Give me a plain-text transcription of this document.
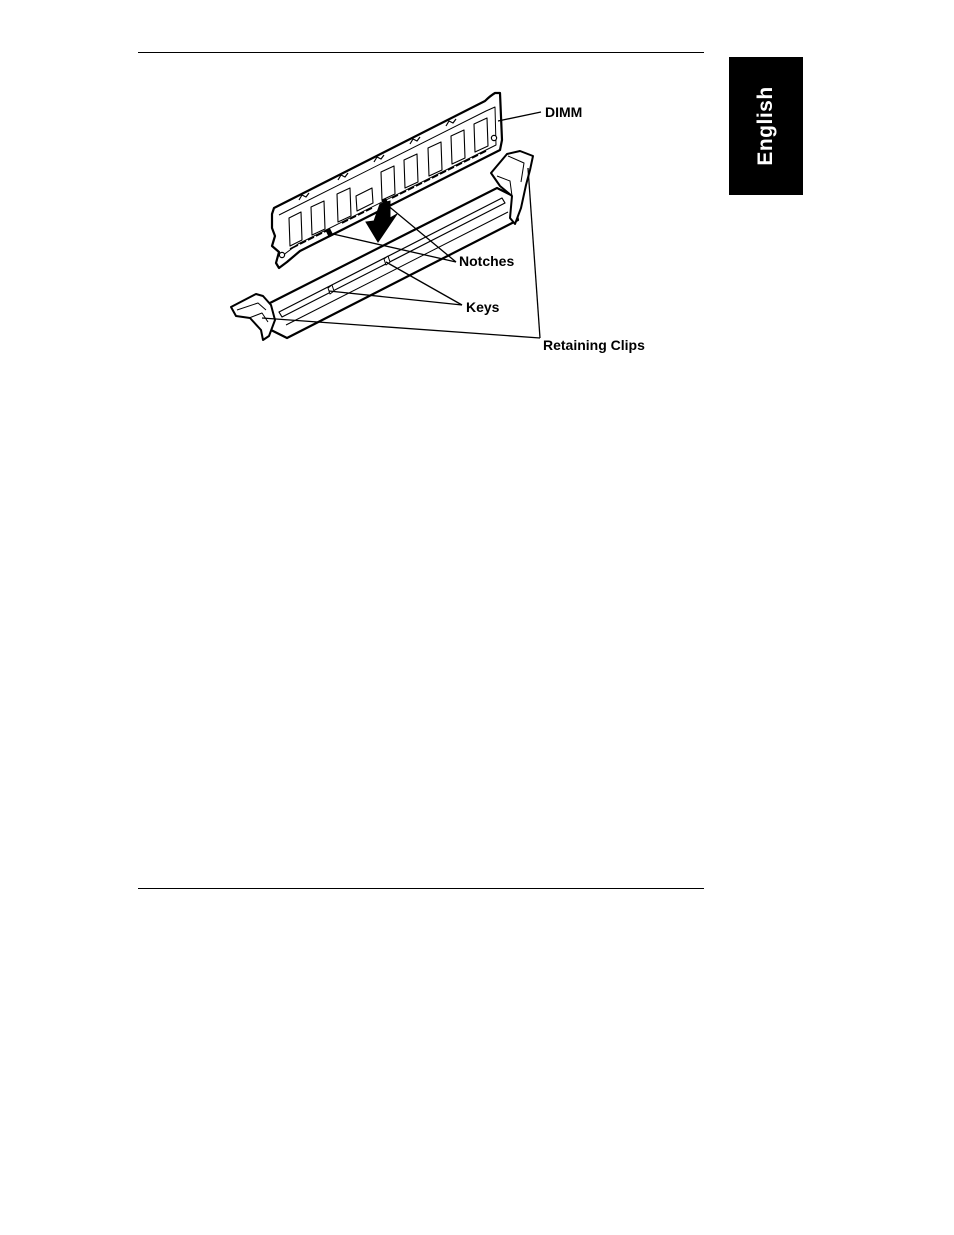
English
DIMM
Notches
Keys
Retaining Clips
